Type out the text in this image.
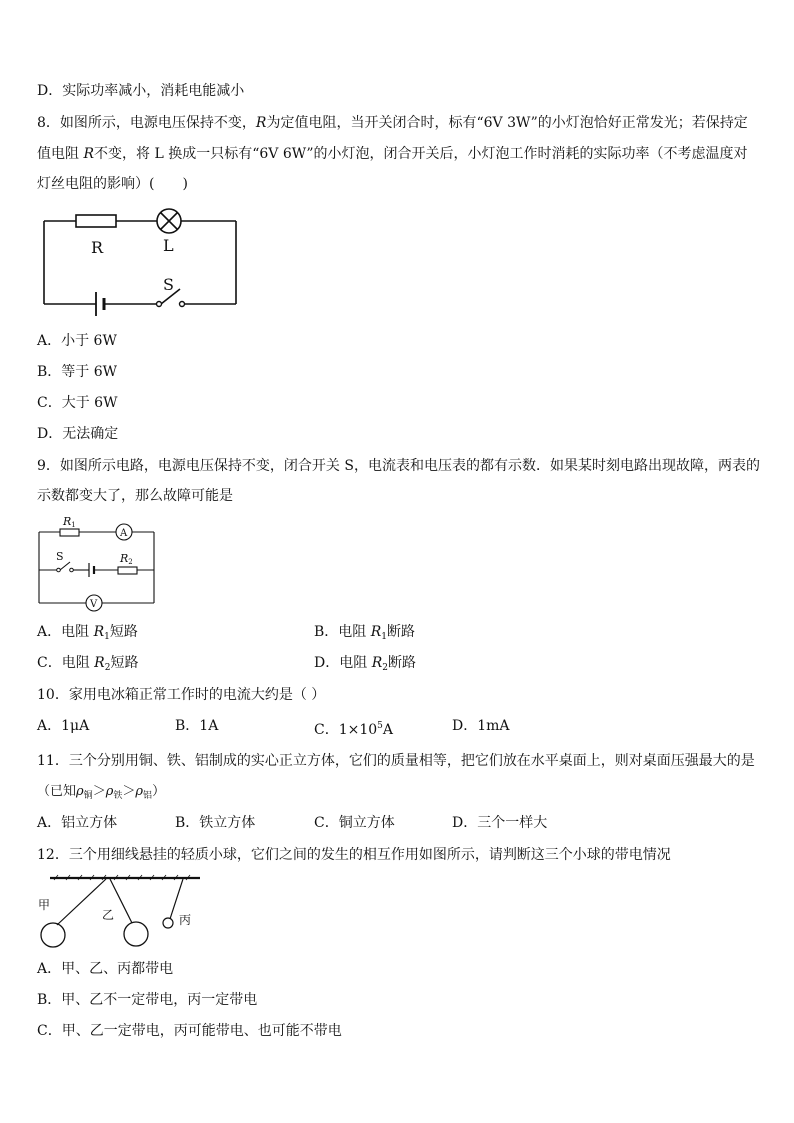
D．实际功率减小，消耗电能减小
8．如图所示，电源电压保持不变，R为定值电阻，当开关闭合时，标有“6V 3W”的小灯泡恰好正常发光；若保持定
值电阻 R不变，将 L 换成一只标有“6V 6W”的小灯泡，闭合开关后，小灯泡工作时消耗的实际功率（不考虑温度对
灯丝电阻的影响）(　　)
R	L
S
A．小于 6W
B．等于 6W
C．大于 6W
D．无法确定
9．如图所示电路，电源电压保持不变，闭合开关 S，电流表和电压表的都有示数．如果某时刻电路出现故障，两表的
示数都变大了，那么故障可能是
R1
R2
S
A
V
A．电阻 $R_1$短路	B．电阻 $R_1$断路
C．电阻 $R_2$短路	D．电阻 $R_2$断路
10．家用电冰箱正常工作时的电流大约是（ ）
A．1μA	B．1A	C．$1\times 10^5A$	D．1mA
11．三个分别用铜、铁、铝制成的实心正立方体，它们的质量相等，把它们放在水平桌面上，则对桌面压强最大的是
（已知$\rho_铜>\rho_铁>\rho_铝$）
A．铝立方体	B．铁立方体	C．铜立方体	D．三个一样大
12．三个用细线悬挂的轻质小球，它们之间的发生的相互作用如图所示，请判断这三个小球的带电情况
甲
乙	丙
A．甲、乙、丙都带电
B．甲、乙不一定带电，丙一定带电
C．甲、乙一定带电，丙可能带电、也可能不带电
